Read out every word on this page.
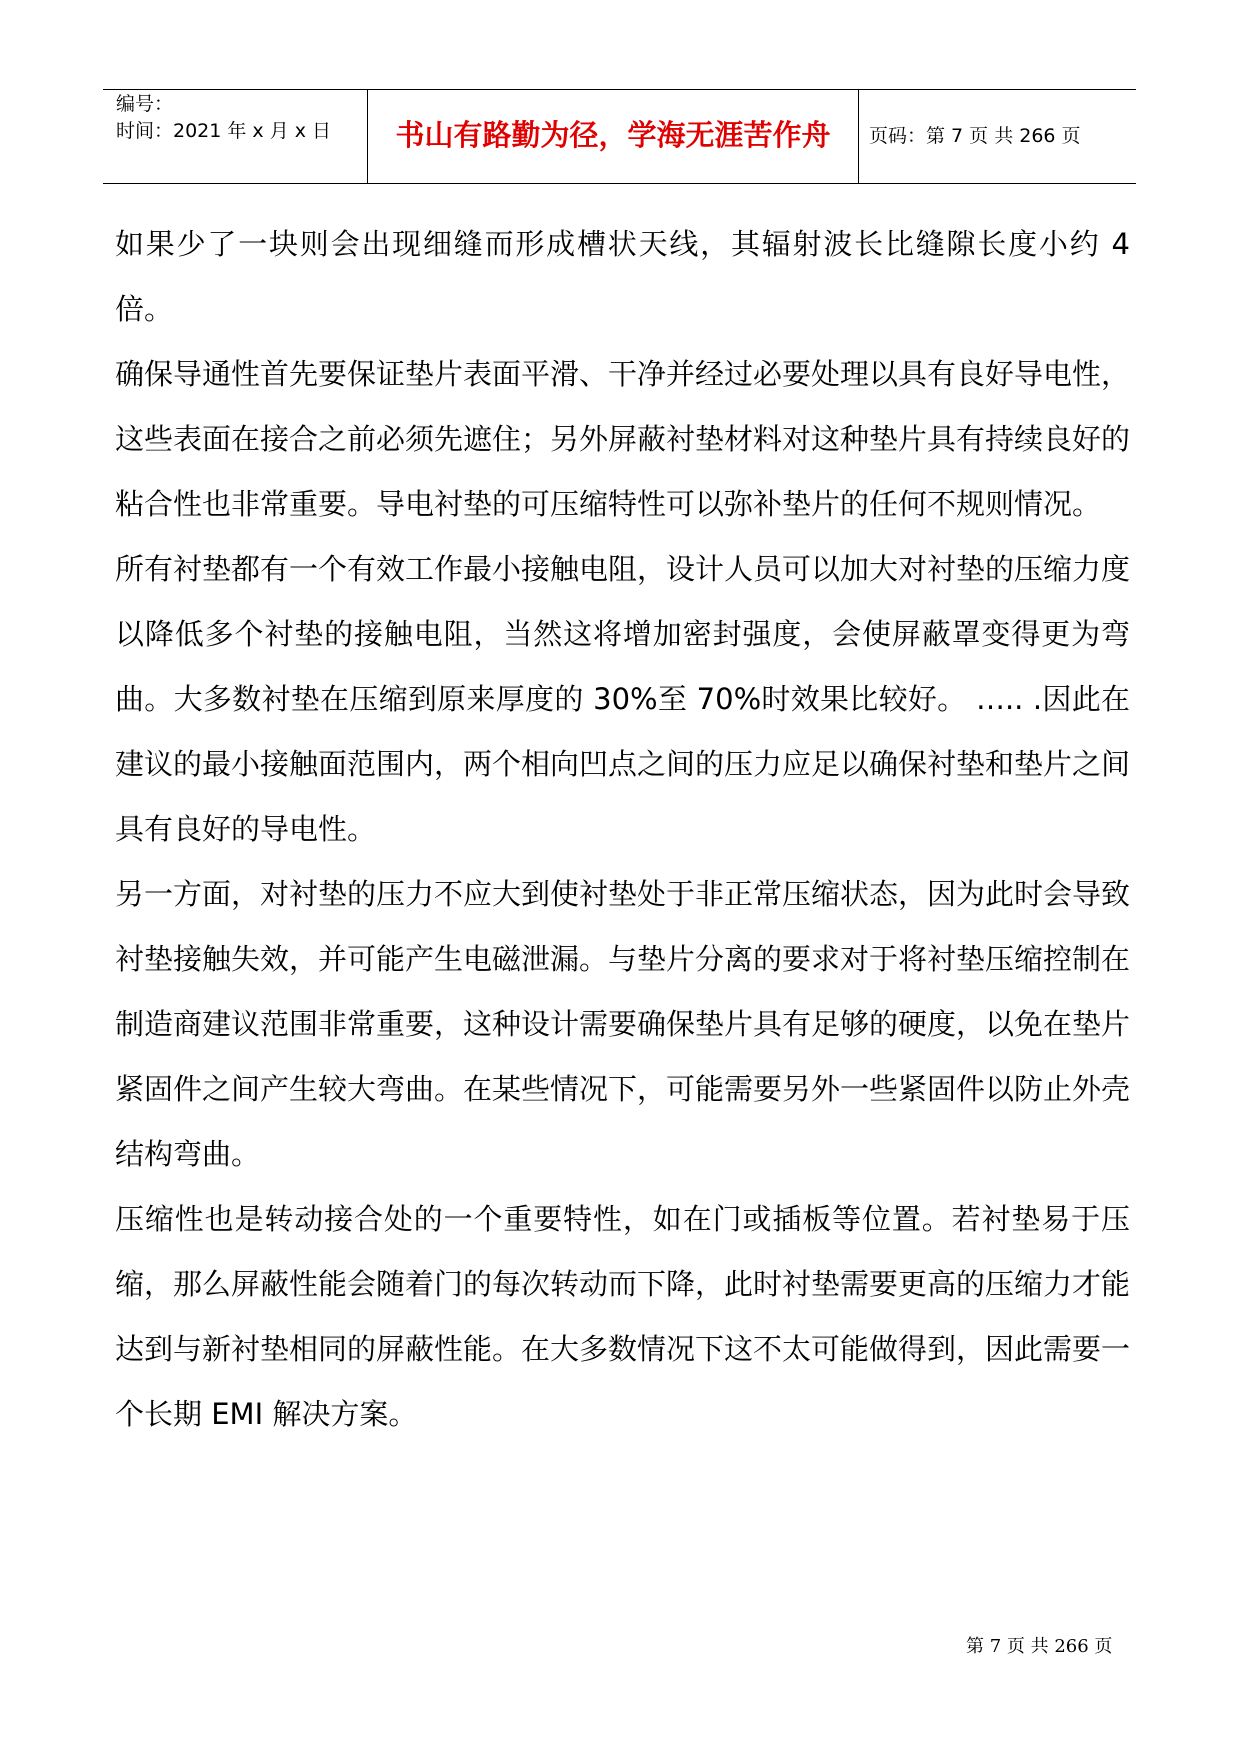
编号：
时间：2021 年 x 月 x 日	书山有路勤为径，学海无涯苦作舟	页码：第 7 页 共 266 页

如果少了一块则会出现细缝而形成槽状天线，其辐射波长比缝隙长度小约 4 倍。

确保导通性首先要保证垫片表面平滑、干净并经过必要处理以具有良好导电性，这些表面在接合之前必须先遮住；另外屏蔽衬垫材料对这种垫片具有持续良好的粘合性也非常重要。导电衬垫的可压缩特性可以弥补垫片的任何不规则情况。

所有衬垫都有一个有效工作最小接触电阻，设计人员可以加大对衬垫的压缩力度以降低多个衬垫的接触电阻，当然这将增加密封强度，会使屏蔽罩变得更为弯曲。大多数衬垫在压缩到原来厚度的 30%至 70%时效果比较好。 ….. .因此在建议的最小接触面范围内，两个相向凹点之间的压力应足以确保衬垫和垫片之间具有良好的导电性。

另一方面，对衬垫的压力不应大到使衬垫处于非正常压缩状态，因为此时会导致衬垫接触失效，并可能产生电磁泄漏。与垫片分离的要求对于将衬垫压缩控制在制造商建议范围非常重要，这种设计需要确保垫片具有足够的硬度，以免在垫片紧固件之间产生较大弯曲。在某些情况下，可能需要另外一些紧固件以防止外壳结构弯曲。

压缩性也是转动接合处的一个重要特性，如在门或插板等位置。若衬垫易于压缩，那么屏蔽性能会随着门的每次转动而下降，此时衬垫需要更高的压缩力才能达到与新衬垫相同的屏蔽性能。在大多数情况下这不太可能做得到，因此需要一个长期 EMI 解决方案。

第 7 页 共 266 页
